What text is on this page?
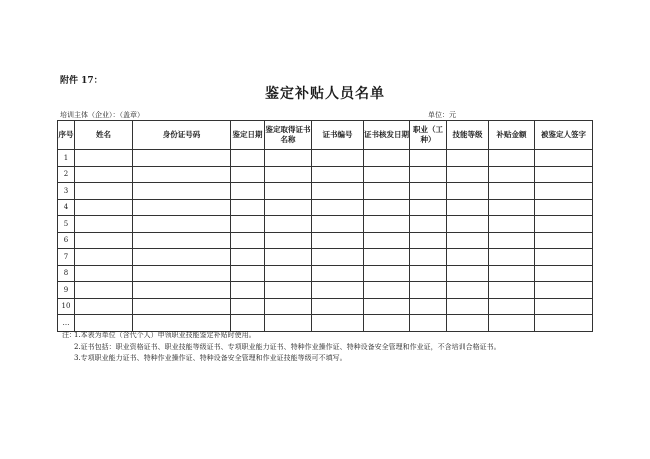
附件 17：
鉴定补贴人员名单
培训主体（企业）：（盖章）	单位：元
序号	姓名	身份证号码	鉴定日期	鉴定取得证书名称	证书编号	证书核发日期	职业（工种）	技能等级	补贴金额	被鉴定人签字
1										
2										
3										
4										
5										
6										
7										
8										
9										
10										
…										
注：
1.本表为单位（含代个人）申领职业技能鉴定补贴时使用。
2.证书包括：职业资格证书、职业技能等级证书、专项职业能力证书、特种作业操作证、特种设备安全管理和作业证，不含培训合格证书。
3.专项职业能力证书、特种作业操作证、特种设备安全管理和作业证技能等级可不填写。
